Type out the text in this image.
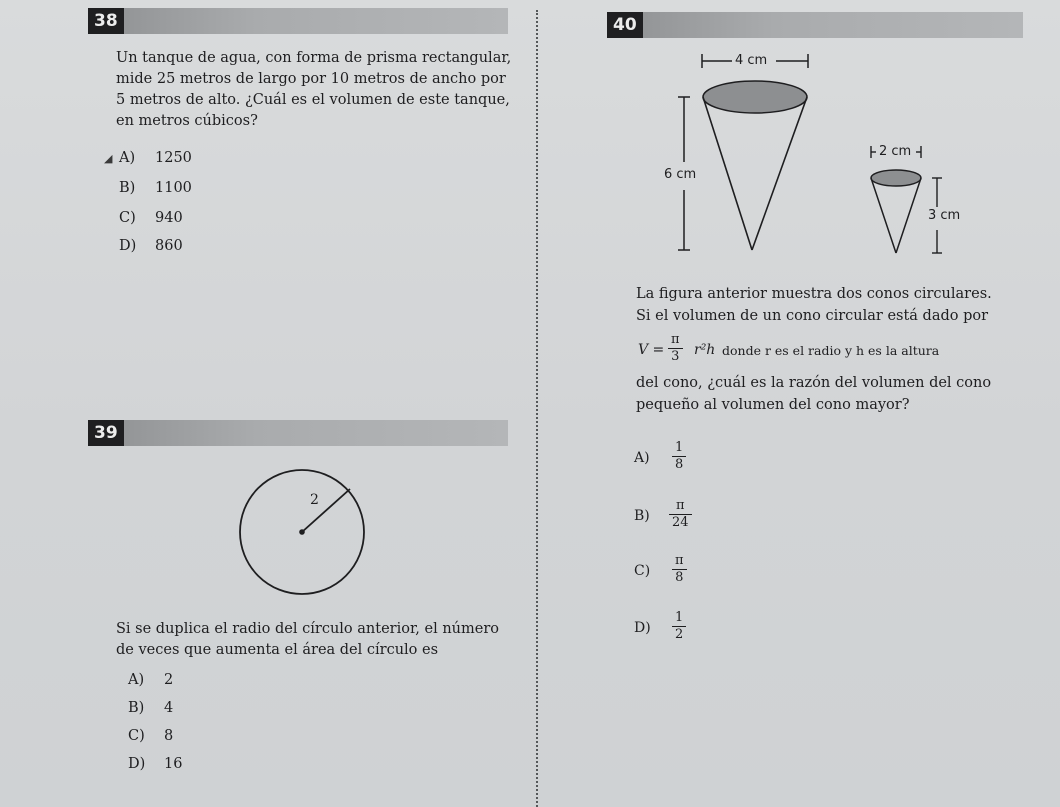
38
Un tanque de agua, con forma de prisma rectangular,
mide 25 metros de largo por 10 metros de ancho por
5 metros de alto. ¿Cuál es el volumen de este tanque,
en metros cúbicos?
◢ A) 1250
B) 1100
C) 940
D) 860
39
2
Si se duplica el radio del círculo anterior, el número
de veces que aumenta el área del círculo es
A) 2
B) 4
C) 8
D) 16
40
4 cm
6 cm
2 cm
3 cm
La figura anterior muestra dos conos circulares.
Si el volumen de un cono circular está dado por
$V = \frac{\pi}{3} r^2h$ donde r es el radio y h es la altura
del cono, ¿cuál es la razón del volumen del cono
pequeño al volumen del cono mayor?
$A) \frac{1}{8}$
$B) \frac{\pi}{24}$
$C) \frac{\pi}{8}$
$D) \frac{1}{2}$
